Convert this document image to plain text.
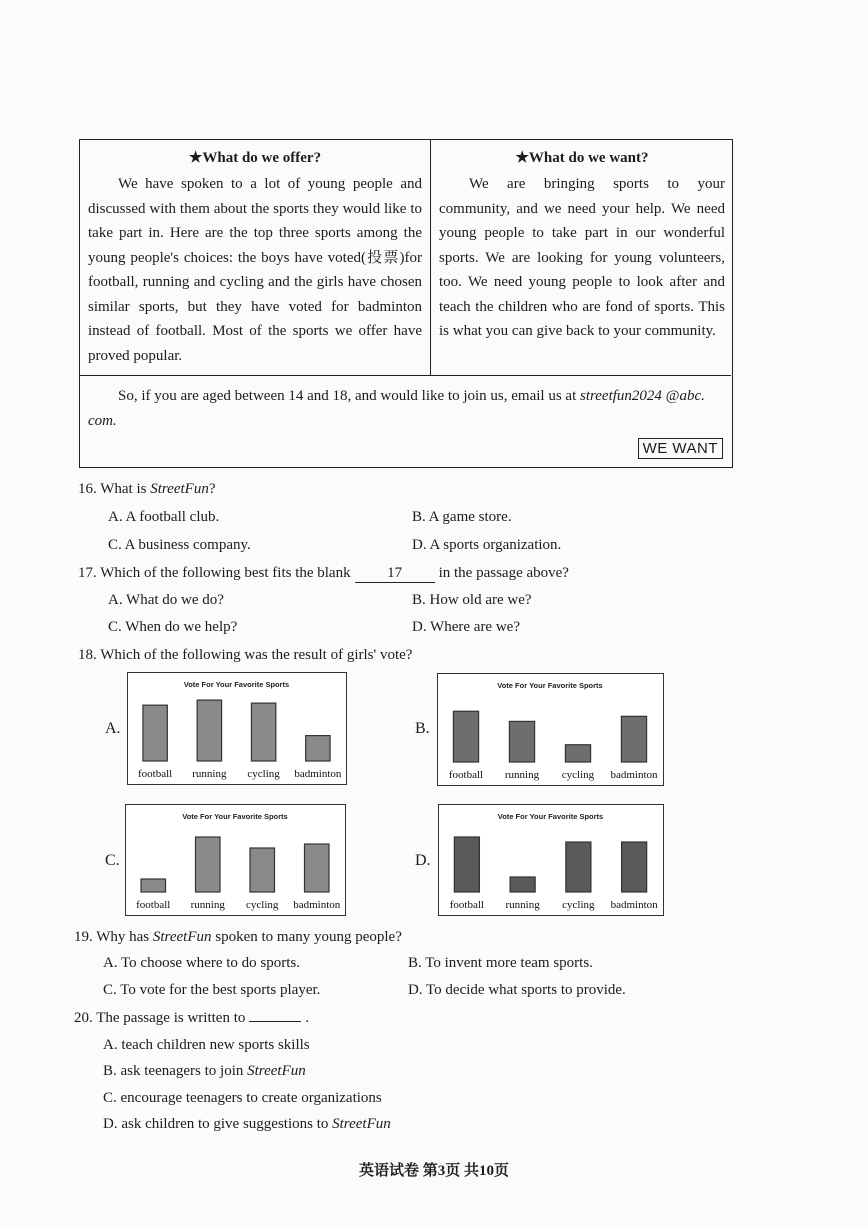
★What do we offer?

We have spoken to a lot of young people and discussed with them about the sports they would like to take part in. Here are the top three sports among the young people's choices: the boys have voted(投票)for football, running and cycling and the girls have chosen similar sports, but they have voted for badminton instead of football. Most of the sports we offer have proved popular.

★What do we want?

We are bringing sports to your community, and we need your help. We need young people to take part in our wonderful sports. We are looking for young volunteers, too. We need young people to look after and teach the children who are fond of sports. This is what you can give back to your community.

So, if you are aged between 14 and 18, and would like to join us, email us at streetfun2024 @abc. com.

WE WANT
16. What is StreetFun?
A. A football club.	B. A game store.
C. A business company.	D. A sports organization.
17. Which of the following best fits the blank 17 in the passage above?
A. What do we do?	B. How old are we?
C. When do we help?	D. Where are we?
18. Which of the following was the result of girls' vote?
A.
Vote For Your Favorite Sports
football running cycling badminton
B.
Vote For Your Favorite Sports
football running cycling badminton
C.
Vote For Your Favorite Sports
football running cycling badminton
D.
Vote For Your Favorite Sports
football running cycling badminton
19. Why has StreetFun spoken to many young people?
A. To choose where to do sports.	B. To invent more team sports.
C. To vote for the best sports player.	D. To decide what sports to provide.
20. The passage is written to	.
A. teach children new sports skills
B. ask teenagers to join StreetFun
C. encourage teenagers to create organizations
D. ask children to give suggestions to StreetFun
英语试卷 第3页 共10页
